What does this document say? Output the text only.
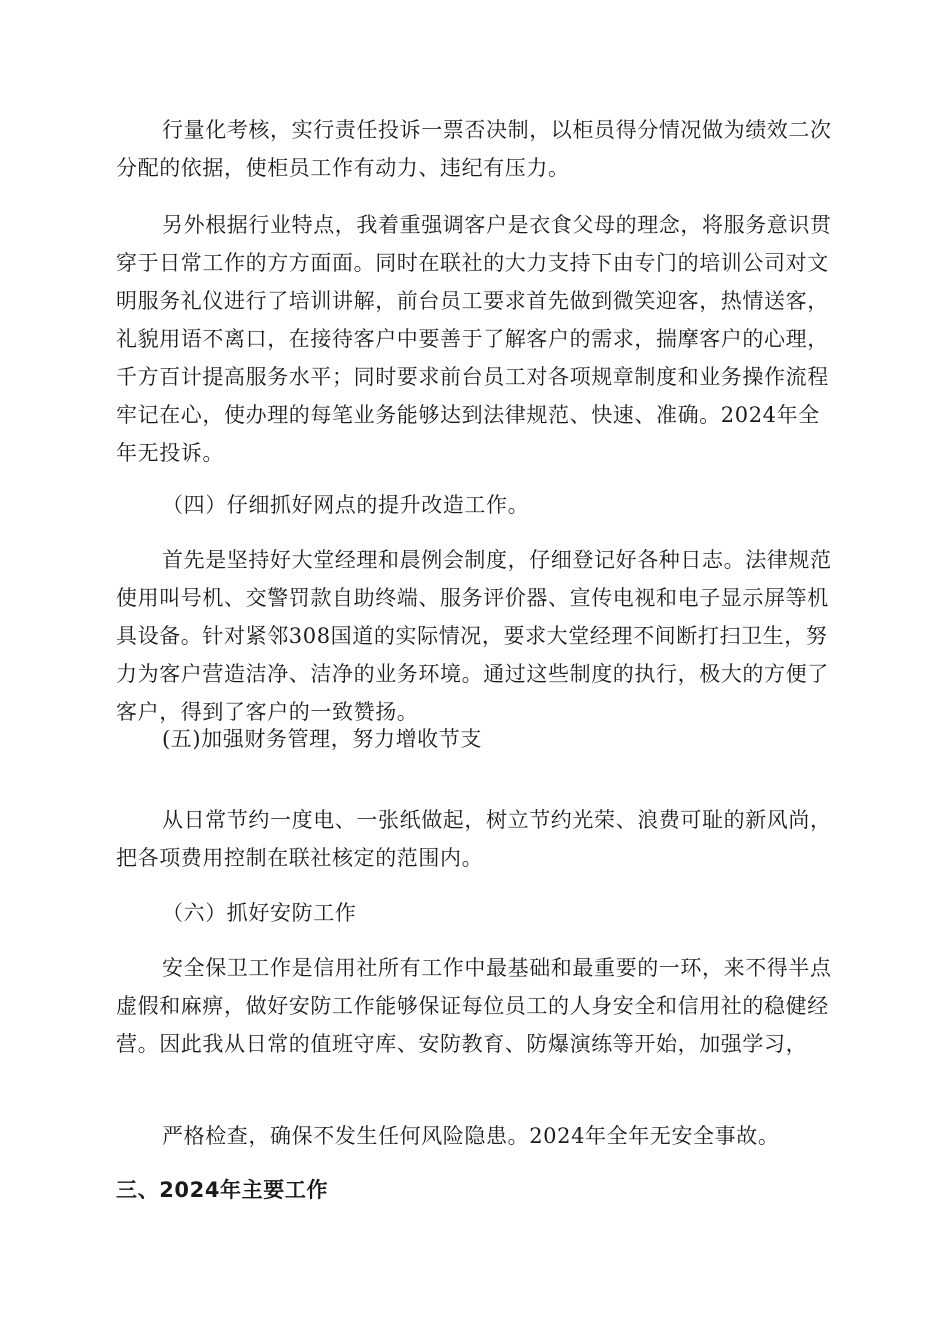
行量化考核，实行责任投诉一票否决制，以柜员得分情况做为绩效二次分配的依据，使柜员工作有动力、违纪有压力。

另外根据行业特点，我着重强调客户是衣食父母的理念，将服务意识贯穿于日常工作的方方面面。同时在联社的大力支持下由专门的培训公司对文明服务礼仪进行了培训讲解，前台员工要求首先做到微笑迎客，热情送客，礼貌用语不离口，在接待客户中要善于了解客户的需求，揣摩客户的心理，千方百计提高服务水平；同时要求前台员工对各项规章制度和业务操作流程牢记在心，使办理的每笔业务能够达到法律规范、快速、准确。2024年全年无投诉。

（四）仔细抓好网点的提升改造工作。

首先是坚持好大堂经理和晨例会制度，仔细登记好各种日志。法律规范使用叫号机、交警罚款自助终端、服务评价器、宣传电视和电子显示屏等机具设备。针对紧邻308国道的实际情况，要求大堂经理不间断打扫卫生，努力为客户营造洁净、洁净的业务环境。通过这些制度的执行，极大的方便了客户，得到了客户的一致赞扬。

(五)加强财务管理，努力增收节支

从日常节约一度电、一张纸做起，树立节约光荣、浪费可耻的新风尚，把各项费用控制在联社核定的范围内。

（六）抓好安防工作

安全保卫工作是信用社所有工作中最基础和最重要的一环，来不得半点虚假和麻痹，做好安防工作能够保证每位员工的人身安全和信用社的稳健经营。因此我从日常的值班守库、安防教育、防爆演练等开始，加强学习，

严格检查，确保不发生任何风险隐患。2024年全年无安全事故。

三、2024年主要工作
